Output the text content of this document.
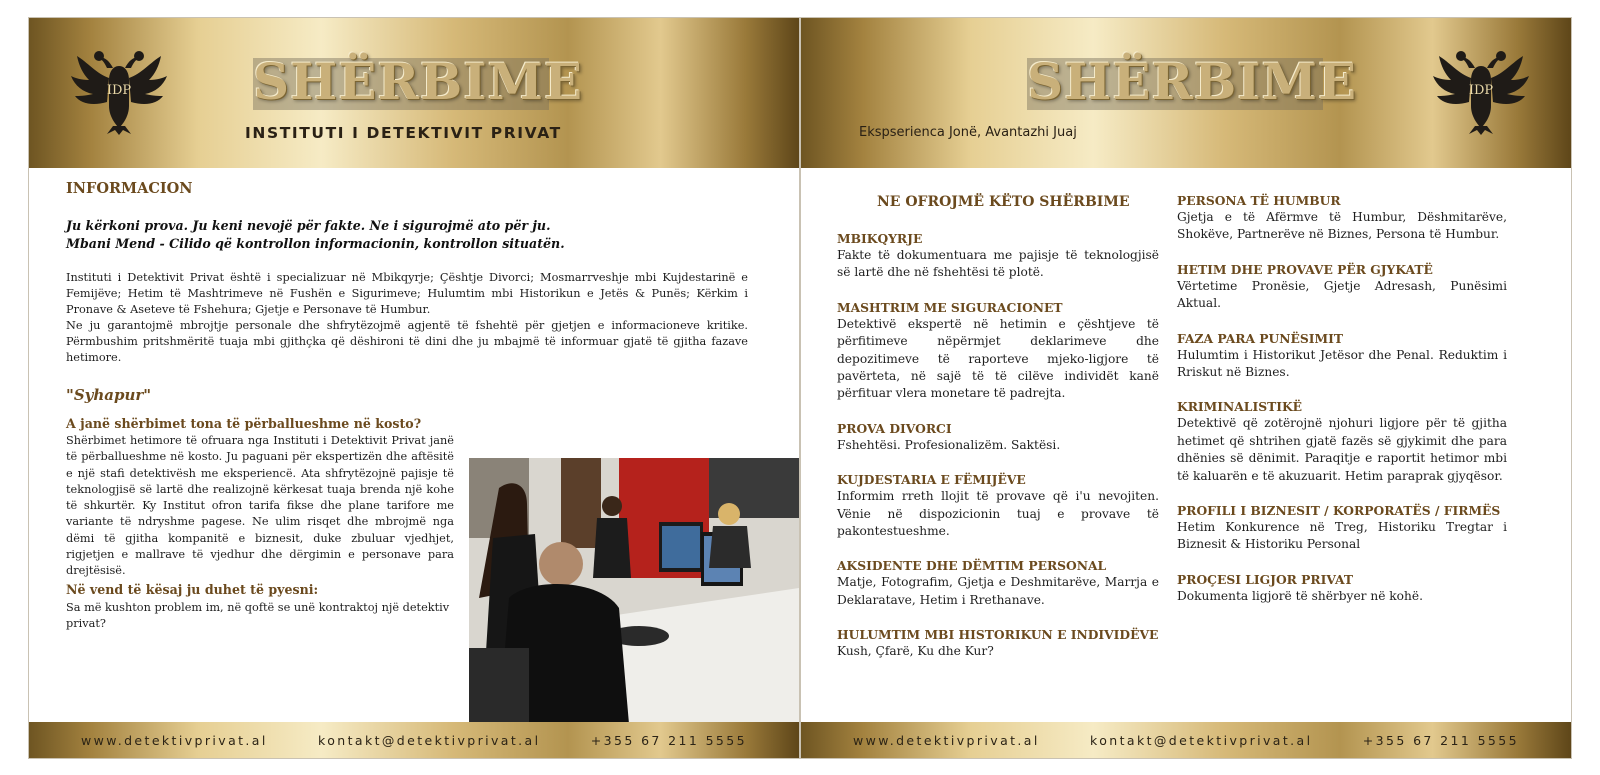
IDP SHËRBIME
INSTITUTI I DETEKTIVIT PRIVAT
INFORMACION
Ju kërkoni prova. Ju keni nevojë për fakte. Ne i sigurojmë ato për ju.
Mbani Mend - Cilido që kontrollon informacionin, kontrollon situatën.
Instituti i Detektivit Privat është i specializuar në Mbikqyrje; Çështje Divorci; Mosmarrveshje mbi Kujdestarinë e Femijëve; Hetim të Mashtrimeve në Fushën e Sigurimeve; Hulumtim mbi Historikun e Jetës & Punës; Kërkim i Pronave & Aseteve të Fshehura; Gjetje e Personave të Humbur.
Ne ju garantojmë mbrojtje personale dhe shfrytëzojmë agjentë të fshehtë për gjetjen e informacioneve kritike. Përmbushim pritshmëritë tuaja mbi gjithçka që dëshironi të dini dhe ju mbajmë të informuar gjatë të gjitha fazave hetimore.
"Syhapur"
A janë shërbimet tona të përballueshme në kosto?
Shërbimet hetimore të ofruara nga Instituti i Detektivit Privat janë të përballueshme në kosto. Ju paguani për ekspertizën dhe aftësitë e një stafi detektivësh me eksperiencë. Ata shfrytëzojnë pajisje të teknologjisë së lartë dhe realizojnë kërkesat tuaja brenda një kohe të shkurtër. Ky Institut ofron tarifa fikse dhe plane tarifore me variante të ndryshme pagese. Ne ulim risqet dhe mbrojmë nga dëmi të gjitha kompanitë e biznesit, duke zbuluar vjedhjet, rigjetjen e mallrave të vjedhur dhe dërgimin e personave para drejtësisë.
Në vend të kësaj ju duhet të pyesni:
Sa më kushton problem im, në qoftë se unë kontraktoj një detektiv privat?
www.detektivprivat.al	kontakt@detektivprivat.al	+355 67 211 5555
SHËRBIME
Ekspserienca Jonë, Avantazhi Juaj
IDP
NE OFROJMË KËTO SHËRBIME
MBIKQYRJE
Fakte të dokumentuara me pajisje të teknologjisë së lartë dhe në fshehtësi të plotë.
MASHTRIM ME SIGURACIONET
Detektivë ekspertë në hetimin e çështjeve të përfitimeve nëpërmjet deklarimeve dhe depozitimeve të raporteve mjeko-ligjore të pavërteta, në sajë të të cilëve individët kanë përfituar vlera monetare të padrejta.
PROVA DIVORCI
Fshehtësi. Profesionalizëm. Saktësi.
KUJDESTARIA E FËMIJËVE
Informim rreth llojit të provave që i'u nevojiten. Vënie në dispozicionin tuaj e provave të pakontestueshme.
AKSIDENTE DHE DËMTIM PERSONAL
Matje, Fotografim, Gjetja e Deshmitarëve, Marrja e Deklaratave, Hetim i Rrethanave.
HULUMTIM MBI HISTORIKUN E INDIVIDËVE
Kush, Çfarë, Ku dhe Kur?
PERSONA TË HUMBUR
Gjetja e të Afërmve të Humbur, Dëshmitarëve, Shokëve, Partnerëve në Biznes, Persona të Humbur.
HETIM DHE PROVAVE PËR GJYKATË
Vërtetime Pronësie, Gjetje Adresash, Punësimi Aktual.
FAZA PARA PUNËSIMIT
Hulumtim i Historikut Jetësor dhe Penal. Reduktim i Rriskut në Biznes.
KRIMINALISTIKË
Detektivë që zotërojnë njohuri ligjore për të gjitha hetimet që shtrihen gjatë fazës së gjykimit dhe para dhënies së dënimit. Paraqitje e raportit hetimor mbi të kaluarën e të akuzuarit. Hetim paraprak gjyqësor.
PROFILI I BIZNESIT / KORPORATËS / FIRMËS
Hetim Konkurence në Treg, Historiku Tregtar i Biznesit & Historiku Personal
PROÇESI LIGJOR PRIVAT
Dokumenta ligjorë të shërbyer në kohë.
www.detektivprivat.al	kontakt@detektivprivat.al	+355 67 211 5555
